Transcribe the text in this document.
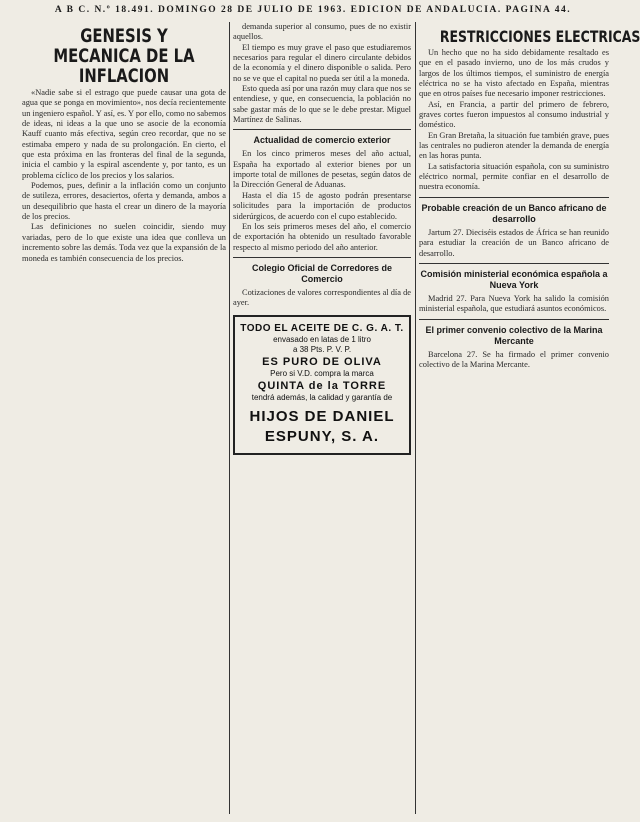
A B C. N.º 18.491. DOMINGO 28 DE JULIO DE 1963. EDICION DE ANDALUCIA. PAGINA 44.
GENESIS Y MECANICA DE LA INFLACION

«Nadie sabe si el estrago que puede causar una gota de agua que se ponga en movimiento», nos decía recientemente un ingeniero español. Y así, es. Y por ello, como no sabemos de ideas, ni ideas a la que uno se asocie de la economía Kauff cuanto más efectiva, según creo recordar, que no se estimaba empero y nada de su prolongación. En cierto, el que esta próxima en las fronteras del final de la segunda, inicia el cambio y la espiral ascendente y, por tanto, es un problema cíclico de los precios y los salarios.

Podemos, pues, definir a la inflación como un conjunto de sutileza, errores, desaciertos, oferta y demanda, ambos a un desequilibrio que hasta el crear un dinero de la mayoría de los precios.

Las definiciones no suelen coincidir, siendo muy variadas, pero de lo que existe una idea que conlleva un incremento sobre las demás. Toda vez que la expansión de la moneda es también consecuencia de los precios.

demanda superior al consumo, pues de no existir aquellos.

El tiempo es muy grave el paso que estudiaremos necesarios para regular el dinero circulante debidos de la economía y el dinero disponible o salida. Pero no se ve que el capital no pueda ser útil a la moneda.

Esto queda así por una razón muy clara que nos se entendiese, y que, en consecuencia, la población no sabe gastar más de lo que se le debe prestar. Miguel Martínez de Salinas.

Actualidad de comercio exterior

En los cinco primeros meses del año actual, España ha exportado al exterior bienes por un importe total de millones de pesetas, según datos de la Dirección General de Aduanas.

Hasta el día 15 de agosto podrán presentarse solicitudes para la importación de productos siderúrgicos, de acuerdo con el cupo establecido.

En los seis primeros meses del año, el comercio de exportación ha obtenido un resultado favorable respecto al mismo periodo del año anterior.

Colegio Oficial de Corredores de Comercio

Cotizaciones de valores correspondientes al día de ayer.

TODO EL ACEITE DE C. G. A. T.
envasado en latas de 1 litro
a 38 Pts. P. V. P.
ES PURO DE OLIVA
Pero si V.D. compra la marca
QUINTA de la TORRE
tendrá además, la calidad y garantía de
HIJOS DE DANIEL ESPUNY, S. A.
RESTRICCIONES ELECTRICAS

Un hecho que no ha sido debidamente resaltado es que en el pasado invierno, uno de los más crudos y largos de los últimos tiempos, el suministro de energía eléctrica no se ha visto afectado en España, mientras que en otros países fue necesario imponer restricciones.

Así, en Francia, a partir del primero de febrero, graves cortes fueron impuestos al consumo industrial y doméstico.

En Gran Bretaña, la situación fue también grave, pues las centrales no pudieron atender la demanda de energía en las horas punta.

La satisfactoria situación española, con su suministro eléctrico normal, permite confiar en el desarrollo de nuestra economía.

Probable creación de un Banco africano de desarrollo

Jartum 27. Dieciséis estados de África se han reunido para estudiar la creación de un Banco africano de desarrollo.

Comisión ministerial económica española a Nueva York

Madrid 27. Para Nueva York ha salido la comisión ministerial española, que estudiará asuntos económicos.

El primer convenio colectivo de la Marina Mercante

Barcelona 27. Se ha firmado el primer convenio colectivo de la Marina Mercante.
